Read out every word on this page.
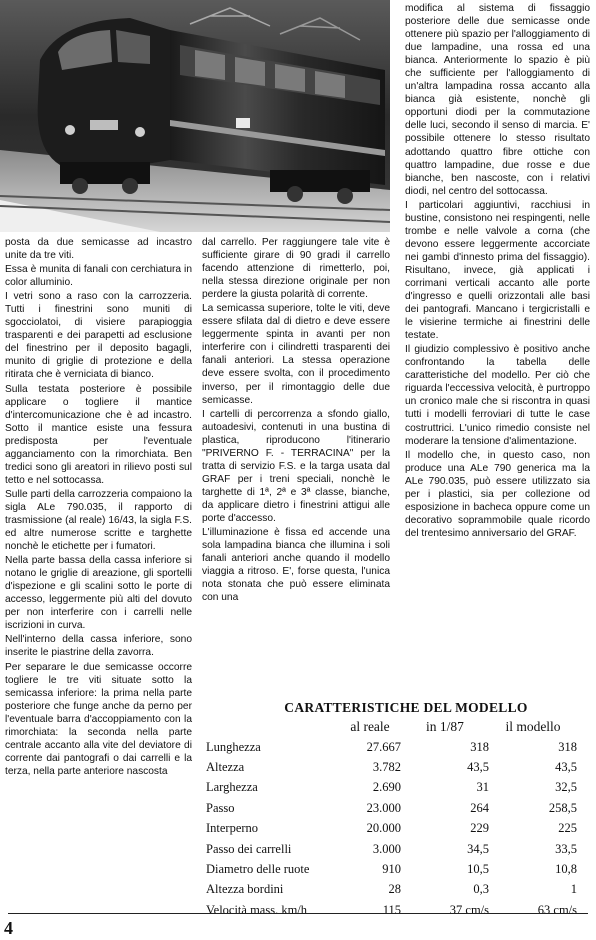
posta da due semicasse ad incastro unite da tre viti.

Essa è munita di fanali con cerchiatura in color alluminio.

I vetri sono a raso con la carrozzeria. Tutti i finestrini sono muniti di sgocciolatoi, di visiere parapioggia trasparenti e dei parapetti ad esclusione del finestrino per il deposito bagagli, munito di griglie di protezione e della ritirata che è verniciata di bianco.

Sulla testata posteriore è possibile applicare o togliere il mantice d'intercomunicazione che è ad incastro. Sotto il mantice esiste una fessura predisposta per l'eventuale agganciamento con la rimorchiata. Ben tredici sono gli areatori in rilievo posti sul tetto e nel sottocassa.

Sulle parti della carrozzeria compaiono la sigla ALe 790.035, il rapporto di trasmissione (al reale) 16/43, la sigla F.S. ed altre numerose scritte e targhette nonchè le etichette per i fumatori.

Nella parte bassa della cassa inferiore si notano le griglie di areazione, gli sportelli d'ispezione e gli scalini sotto le porte di accesso, leggermente più alti del dovuto per non interferire con i carrelli nelle iscrizioni in curva.

Nell'interno della cassa inferiore, sono inserite le piastrine della zavorra.

Per separare le due semicasse occorre togliere le tre viti situate sotto la semicassa inferiore: la prima nella parte posteriore che funge anche da perno per l'eventuale barra d'accoppiamento con la rimorchiata: la seconda nella parte centrale accanto alla vite del deviatore di corrente dai pantografi o dai carrelli e la terza, nella parte anteriore nascosta

dal carrello. Per raggiungere tale vite è sufficiente girare di 90 gradi il carrello facendo attenzione di rimetterlo, poi, nella stessa direzione originale per non perdere la giusta polarità di corrente.

La semicassa superiore, tolte le viti, deve essere sfilata dal di dietro e deve essere leggermente spinta in avanti per non interferire con i cilindretti trasparenti dei fanali anteriori. La stessa operazione deve essere svolta, con il procedimento inverso, per il rimontaggio delle due semicasse.

I cartelli di percorrenza a sfondo giallo, autoadesivi, contenuti in una bustina di plastica, riproducono l'itinerario "PRIVERNO F. - TERRACINA" per la tratta di servizio F.S. e la targa usata dal GRAF per i treni speciali, nonchè le targhette di 1ª, 2ª e 3ª classe, bianche, da applicare dietro i finestrini attigui alle porte d'accesso.

L'illuminazione è fissa ed accende una sola lampadina bianca che illumina i soli fanali anteriori anche quando il modello viaggia a ritroso. E', forse questa, l'unica nota stonata che può essere eliminata con una

modifica al sistema di fissaggio posteriore delle due semicasse onde ottenere più spazio per l'alloggiamento di due lampadine, una rossa ed una bianca. Anteriormente lo spazio è più che sufficiente per l'alloggiamento di un'altra lampadina rossa accanto alla bianca già esistente, nonchè gli opportuni diodi per la commutazione delle luci, secondo il senso di marcia. E' possibile ottenere lo stesso risultato adottando quattro fibre ottiche con quattro lampadine, due rosse e due bianche, ben nascoste, con i relativi diodi, nel centro del sottocassa.

I particolari aggiuntivi, racchiusi in bustine, consistono nei respingenti, nelle trombe e nelle valvole a corna (che devono essere leggermente accorciate nei gambi d'innesto prima del fissaggio). Risultano, invece, già applicati i corrimani verticali accanto alle porte d'ingresso e quelli orizzontali alle basi dei pantografi. Mancano i tergicristalli e le visierine termiche ai finestrini delle testate.

Il giudizio complessivo è positivo anche confrontando la tabella delle caratteristiche del modello. Per ciò che riguarda l'eccessiva velocità, è purtroppo un cronico male che si riscontra in quasi tutti i modelli ferroviari di tutte le case costruttrici. L'unico rimedio consiste nel moderare la tensione d'alimentazione.

Il modello che, in questo caso, non produce una ALe 790 generica ma la ALe 790.035, può essere utilizzato sia per i plastici, sia per collezione od esposizione in bacheca oppure come un decorativo soprammobile quale ricordo del trentesimo anniversario del GRAF.

CARATTERISTICHE DEL MODELLO
	al reale	in 1/87	il modello
Lunghezza	27.667	318	318
Altezza	3.782	43,5	43,5
Larghezza	2.690	31	32,5
Passo	23.000	264	258,5
Interperno	20.000	229	225
Passo dei carrelli	3.000	34,5	33,5
Diametro delle ruote	910	10,5	10,8
Altezza bordini	28	0,3	1
Velocità mass. km/h	115	37 cm/s	63 cm/s
4
